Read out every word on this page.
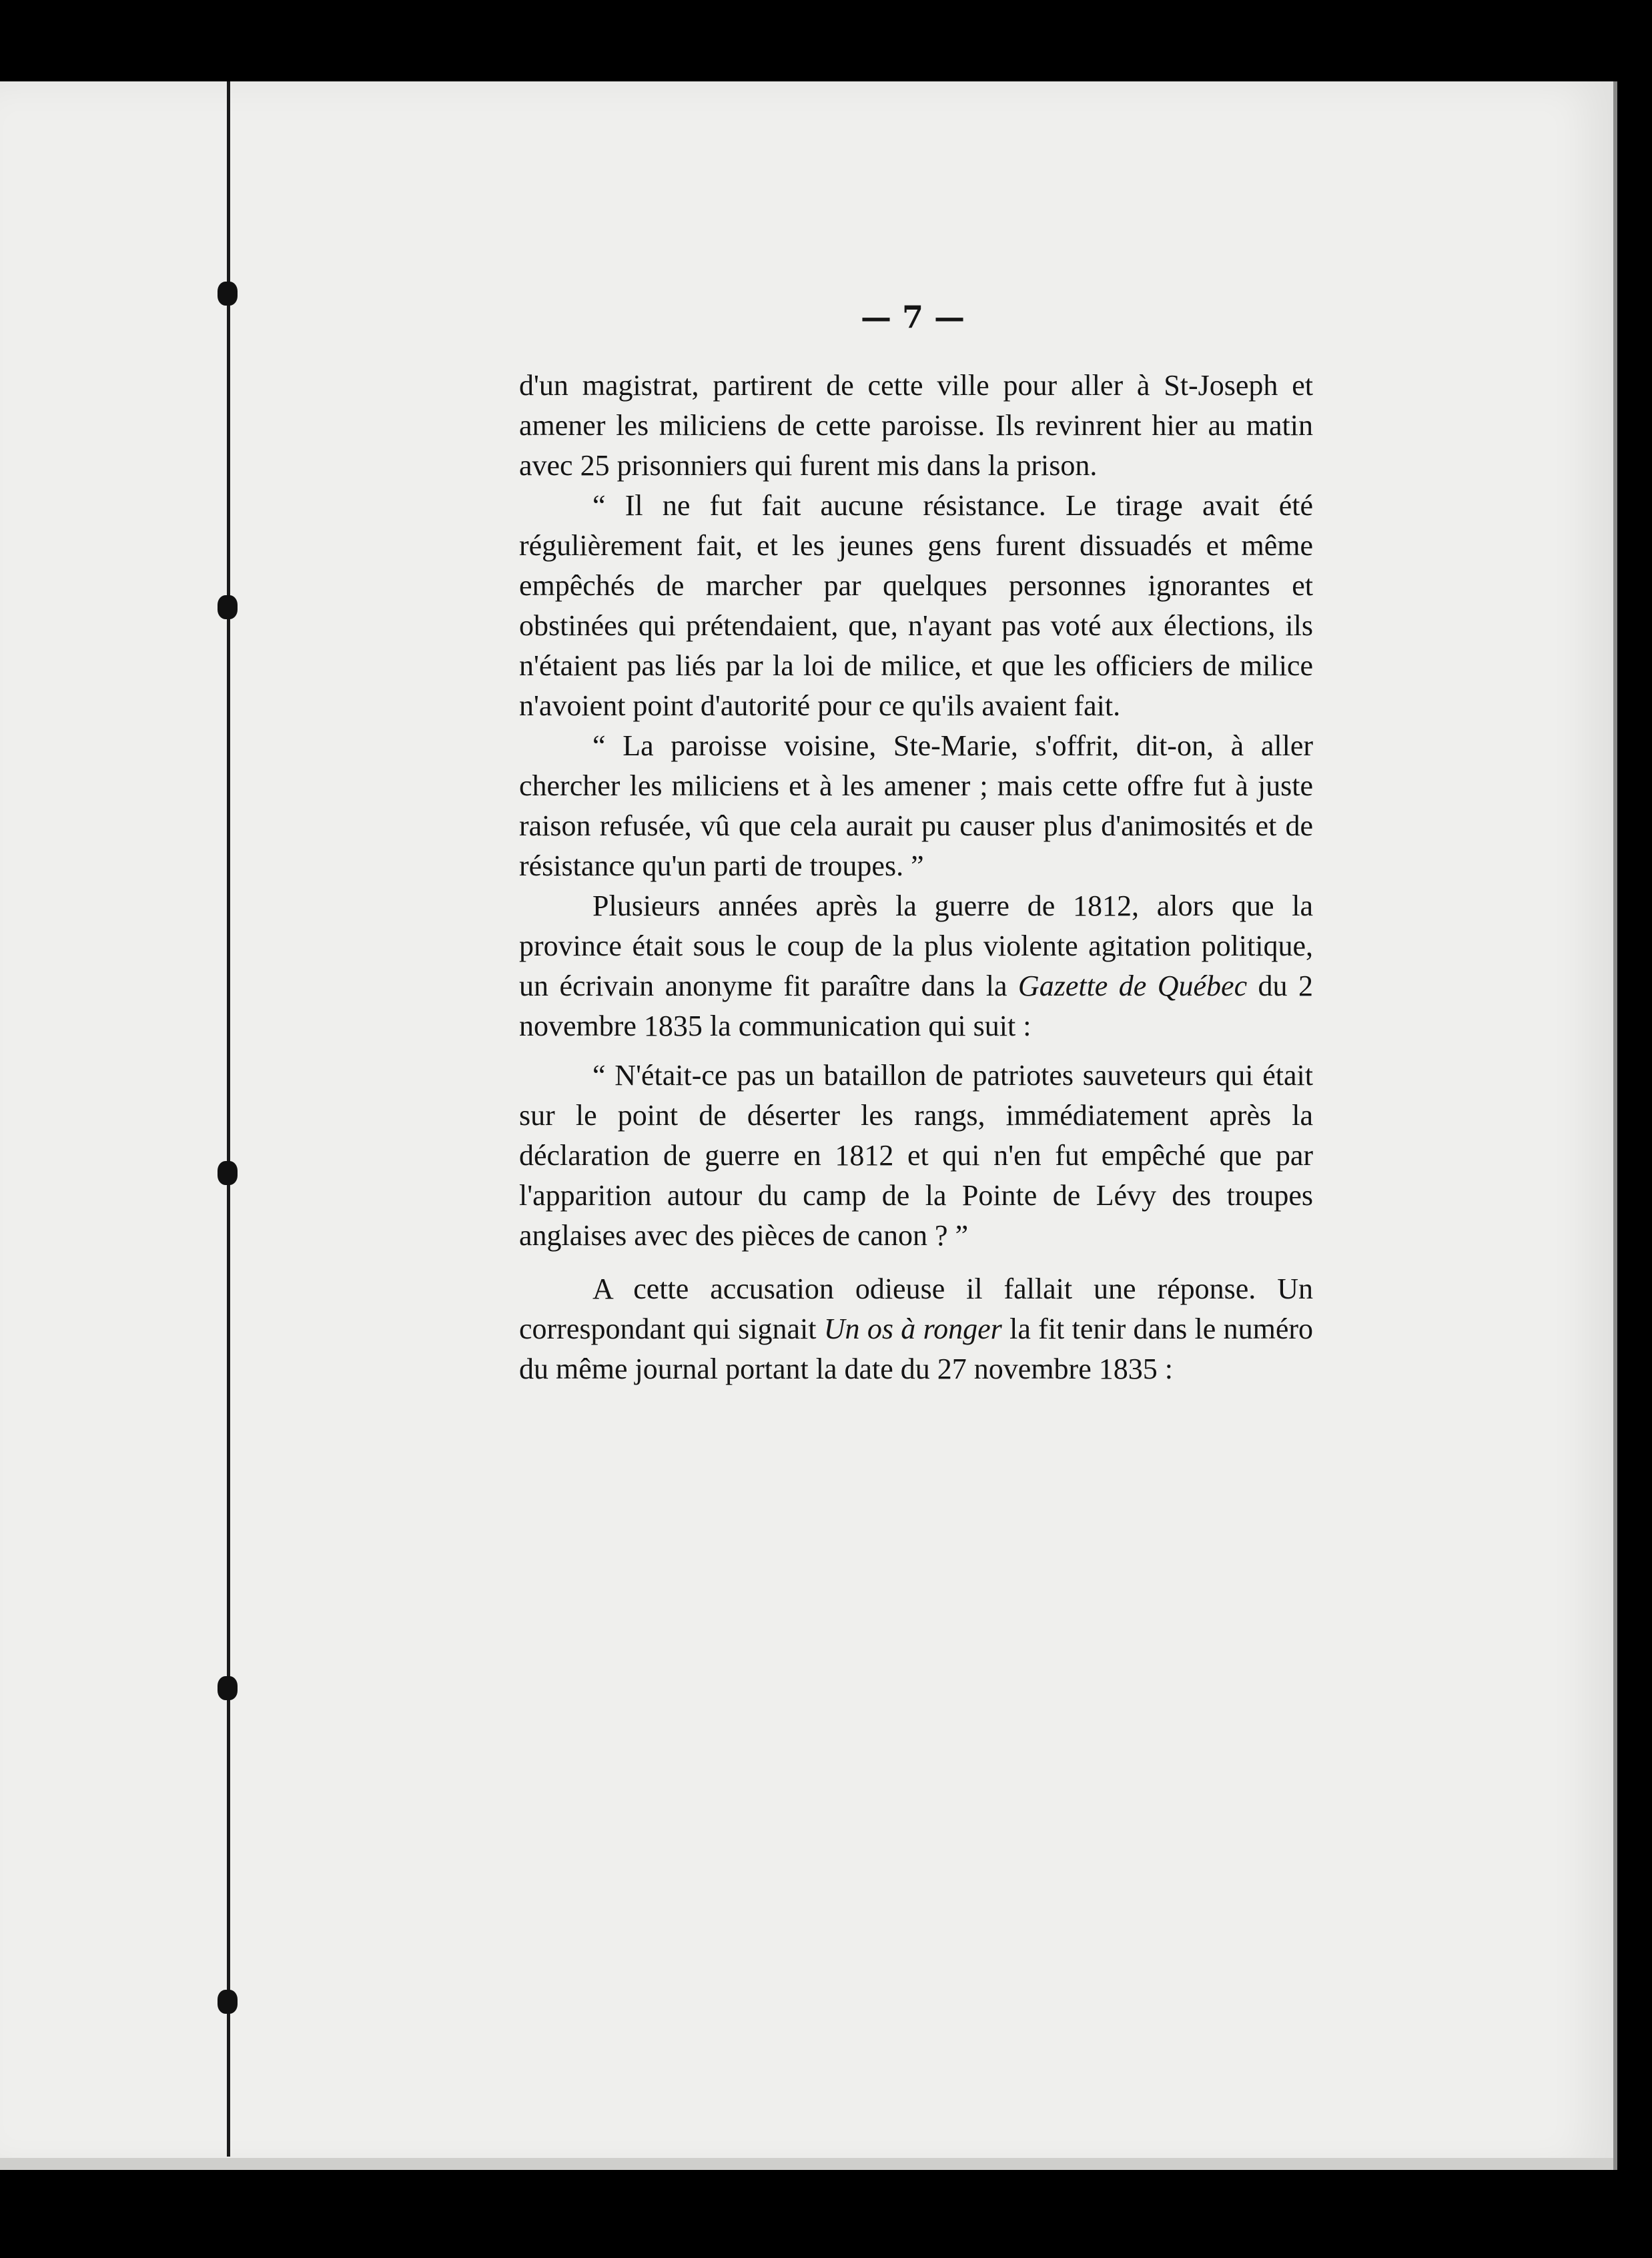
— 7 —

d'un magistrat, partirent de cette ville pour aller à St-Joseph et amener les miliciens de cette paroisse. Ils revinrent hier au matin avec 25 prisonniers qui furent mis dans la prison.

“ Il ne fut fait aucune résistance. Le tirage avait été régulièrement fait, et les jeunes gens furent dissuadés et même empêchés de marcher par quelques personnes ignorantes et obstinées qui prétendaient, que, n'ayant pas voté aux élections, ils n'étaient pas liés par la loi de milice, et que les officiers de milice n'avoient point d'autorité pour ce qu'ils avaient fait.

“ La paroisse voisine, Ste-Marie, s'offrit, dit-on, à aller chercher les miliciens et à les amener ; mais cette offre fut à juste raison refusée, vû que cela aurait pu causer plus d'animosités et de résistance qu'un parti de troupes. ”

Plusieurs années après la guerre de 1812, alors que la province était sous le coup de la plus violente agitation politique, un écrivain anonyme fit paraître dans la Gazette de Québec du 2 novembre 1835 la communication qui suit :

“ N'était-ce pas un bataillon de patriotes sauveteurs qui était sur le point de déserter les rangs, immédiatement après la déclaration de guerre en 1812 et qui n'en fut empêché que par l'apparition autour du camp de la Pointe de Lévy des troupes anglaises avec des pièces de canon ? ”

A cette accusation odieuse il fallait une réponse. Un correspondant qui signait Un os à ronger la fit tenir dans le numéro du même journal portant la date du 27 novembre 1835 :
